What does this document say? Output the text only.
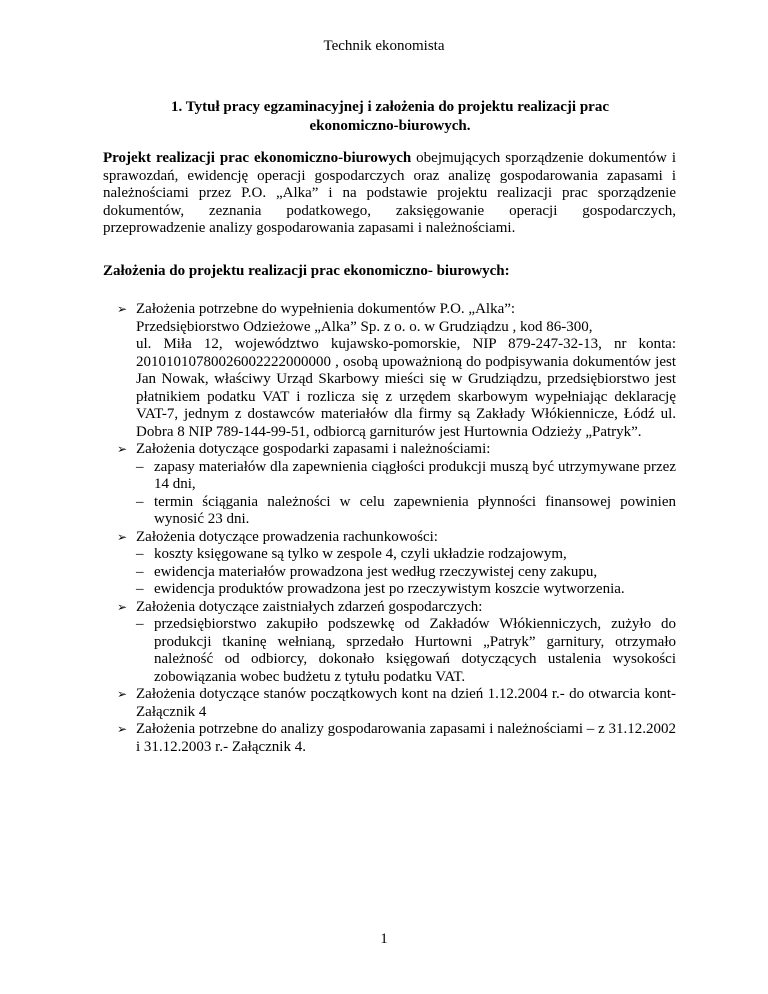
Technik ekonomista
1. Tytuł pracy egzaminacyjnej i założenia do projektu realizacji prac ekonomiczno-biurowych.
Projekt realizacji prac ekonomiczno-biurowych obejmujących sporządzenie dokumentów i sprawozdań, ewidencję operacji gospodarczych oraz analizę gospodarowania zapasami i należnościami przez P.O. „Alka” i na podstawie projektu realizacji prac sporządzenie dokumentów, zeznania podatkowego, zaksięgowanie operacji gospodarczych, przeprowadzenie analizy gospodarowania zapasami i należnościami.
Założenia do projektu realizacji prac ekonomiczno- biurowych:
➢ Założenia potrzebne do wypełnienia dokumentów P.O. „Alka”:
Przedsiębiorstwo Odzieżowe „Alka” Sp. z o. o. w Grudziądzu , kod 86-300,
ul. Miła 12, województwo kujawsko-pomorskie, NIP 879-247-32-13, nr konta: 20101010780026002222000000 , osobą upoważnioną do podpisywania dokumentów jest Jan Nowak, właściwy Urząd Skarbowy mieści się w Grudziądzu, przedsiębiorstwo jest płatnikiem podatku VAT i rozlicza się z urzędem skarbowym wypełniając deklarację VAT-7, jednym z dostawców materiałów dla firmy są Zakłady Włókiennicze, Łódź ul. Dobra 8 NIP 789-144-99-51, odbiorcą garniturów jest Hurtownia Odzieży „Patryk”.
➢ Założenia dotyczące gospodarki zapasami i należnościami:
– zapasy materiałów dla zapewnienia ciągłości produkcji muszą być utrzymywane przez 14 dni,
– termin ściągania należności w celu zapewnienia płynności finansowej powinien wynosić 23 dni.
➢ Założenia dotyczące prowadzenia rachunkowości:
– koszty księgowane są tylko w zespole 4, czyli układzie rodzajowym,
– ewidencja materiałów prowadzona jest według rzeczywistej ceny zakupu,
– ewidencja produktów prowadzona jest po rzeczywistym koszcie wytworzenia.
➢ Założenia dotyczące zaistniałych zdarzeń gospodarczych:
– przedsiębiorstwo zakupiło podszewkę od Zakładów Włókienniczych, zużyło do produkcji tkaninę wełnianą, sprzedało Hurtowni „Patryk” garnitury, otrzymało należność od odbiorcy, dokonało księgowań dotyczących ustalenia wysokości zobowiązania wobec budżetu z tytułu podatku VAT.
➢ Założenia dotyczące stanów początkowych kont na dzień 1.12.2004 r.- do otwarcia kont- Załącznik 4
➢ Założenia potrzebne do analizy gospodarowania zapasami i należnościami – z 31.12.2002 i 31.12.2003 r.- Załącznik 4.
1
